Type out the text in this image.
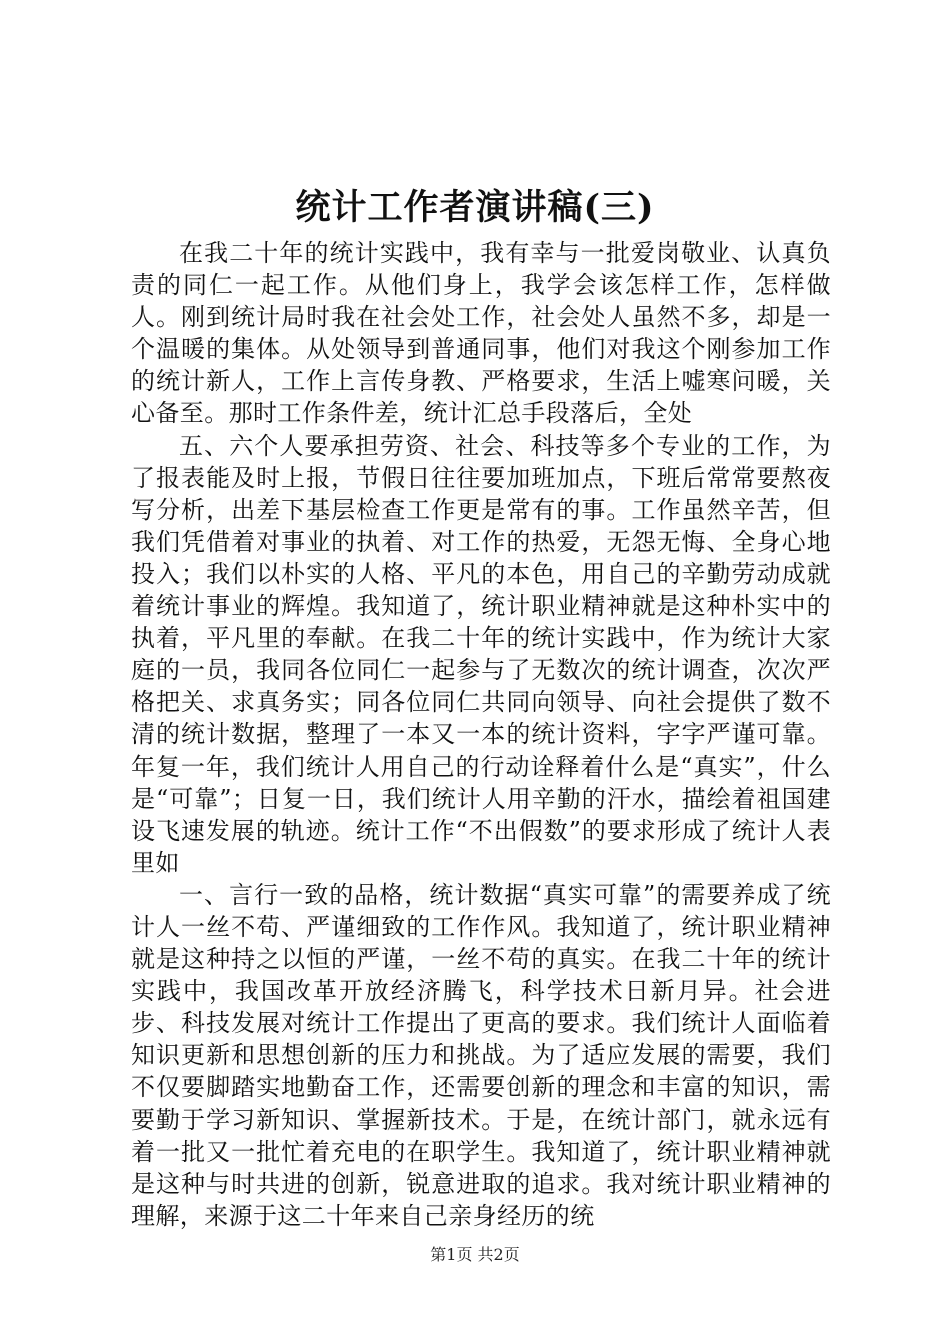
统计工作者演讲稿(三)

在我二十年的统计实践中，我有幸与一批爱岗敬业、认真负责的同仁一起工作。从他们身上，我学会该怎样工作，怎样做人。刚到统计局时我在社会处工作，社会处人虽然不多，却是一个温暖的集体。从处领导到普通同事，他们对我这个刚参加工作的统计新人，工作上言传身教、严格要求，生活上嘘寒问暖，关心备至。那时工作条件差，统计汇总手段落后，全处

五、六个人要承担劳资、社会、科技等多个专业的工作，为了报表能及时上报，节假日往往要加班加点，下班后常常要熬夜写分析，出差下基层检查工作更是常有的事。工作虽然辛苦，但我们凭借着对事业的执着、对工作的热爱，无怨无悔、全身心地投入；我们以朴实的人格、平凡的本色，用自己的辛勤劳动成就着统计事业的辉煌。我知道了，统计职业精神就是这种朴实中的执着，平凡里的奉献。在我二十年的统计实践中，作为统计大家庭的一员，我同各位同仁一起参与了无数次的统计调查，次次严格把关、求真务实；同各位同仁共同向领导、向社会提供了数不清的统计数据，整理了一本又一本的统计资料，字字严谨可靠。年复一年，我们统计人用自己的行动诠释着什么是“真实”，什么是“可靠”；日复一日，我们统计人用辛勤的汗水，描绘着祖国建设飞速发展的轨迹。统计工作“不出假数”的要求形成了统计人表里如

一、言行一致的品格，统计数据“真实可靠”的需要养成了统计人一丝不苟、严谨细致的工作作风。我知道了，统计职业精神就是这种持之以恒的严谨，一丝不苟的真实。在我二十年的统计实践中，我国改革开放经济腾飞，科学技术日新月异。社会进步、科技发展对统计工作提出了更高的要求。我们统计人面临着知识更新和思想创新的压力和挑战。为了适应发展的需要，我们不仅要脚踏实地勤奋工作，还需要创新的理念和丰富的知识，需要勤于学习新知识、掌握新技术。于是，在统计部门，就永远有着一批又一批忙着充电的在职学生。我知道了，统计职业精神就是这种与时共进的创新，锐意进取的追求。我对统计职业精神的理解，来源于这二十年来自己亲身经历的统

第1页 共2页
